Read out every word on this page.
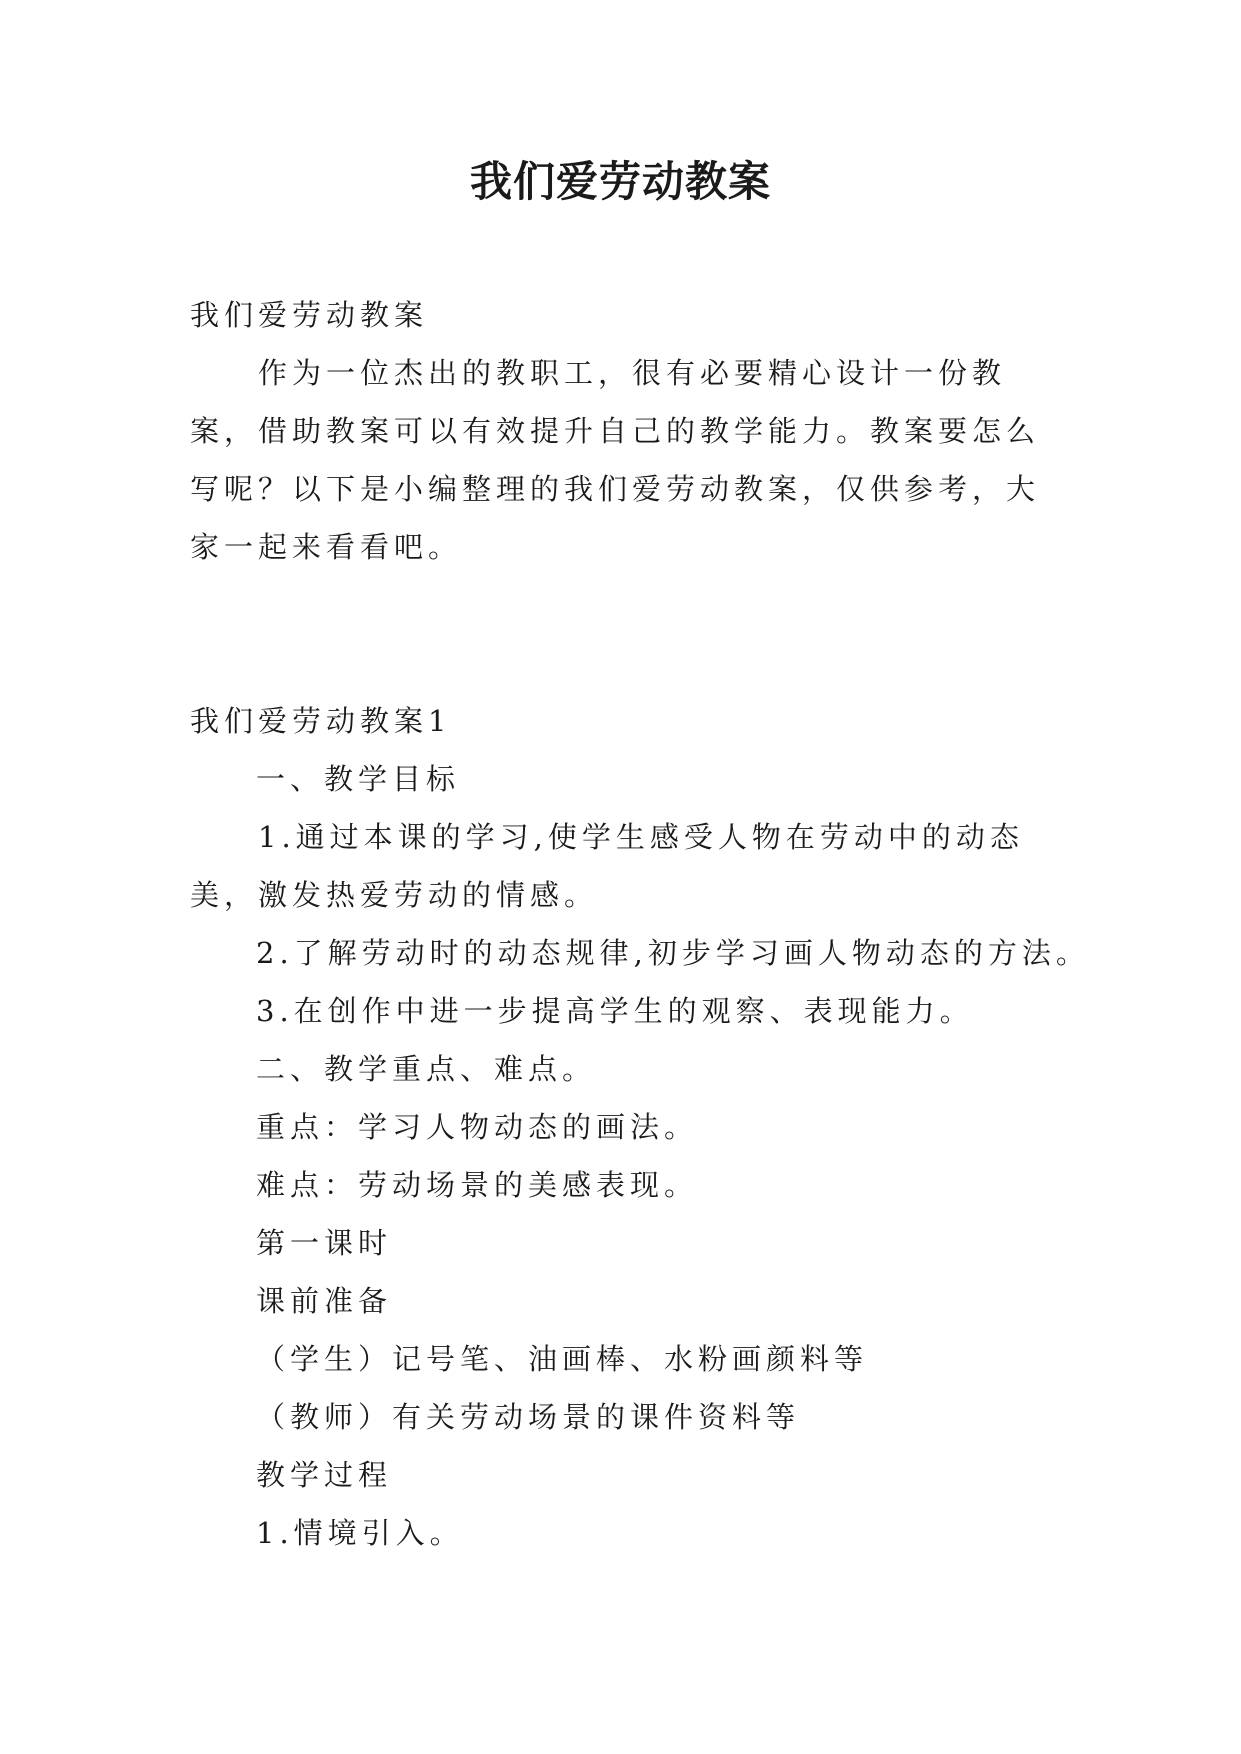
我们爱劳动教案

我们爱劳动教案

作为一位杰出的教职工，很有必要精心设计一份教案，借助教案可以有效提升自己的教学能力。教案要怎么写呢？以下是小编整理的我们爱劳动教案，仅供参考，大家一起来看看吧。

我们爱劳动教案1

一、教学目标

1.通过本课的学习,使学生感受人物在劳动中的动态美，激发热爱劳动的情感。

2.了解劳动时的动态规律,初步学习画人物动态的方法。

3.在创作中进一步提高学生的观察、表现能力。

二、教学重点、难点。

重点：学习人物动态的画法。

难点：劳动场景的美感表现。

第一课时

课前准备

（学生）记号笔、油画棒、水粉画颜料等

（教师）有关劳动场景的课件资料等

教学过程

1.情境引入。
